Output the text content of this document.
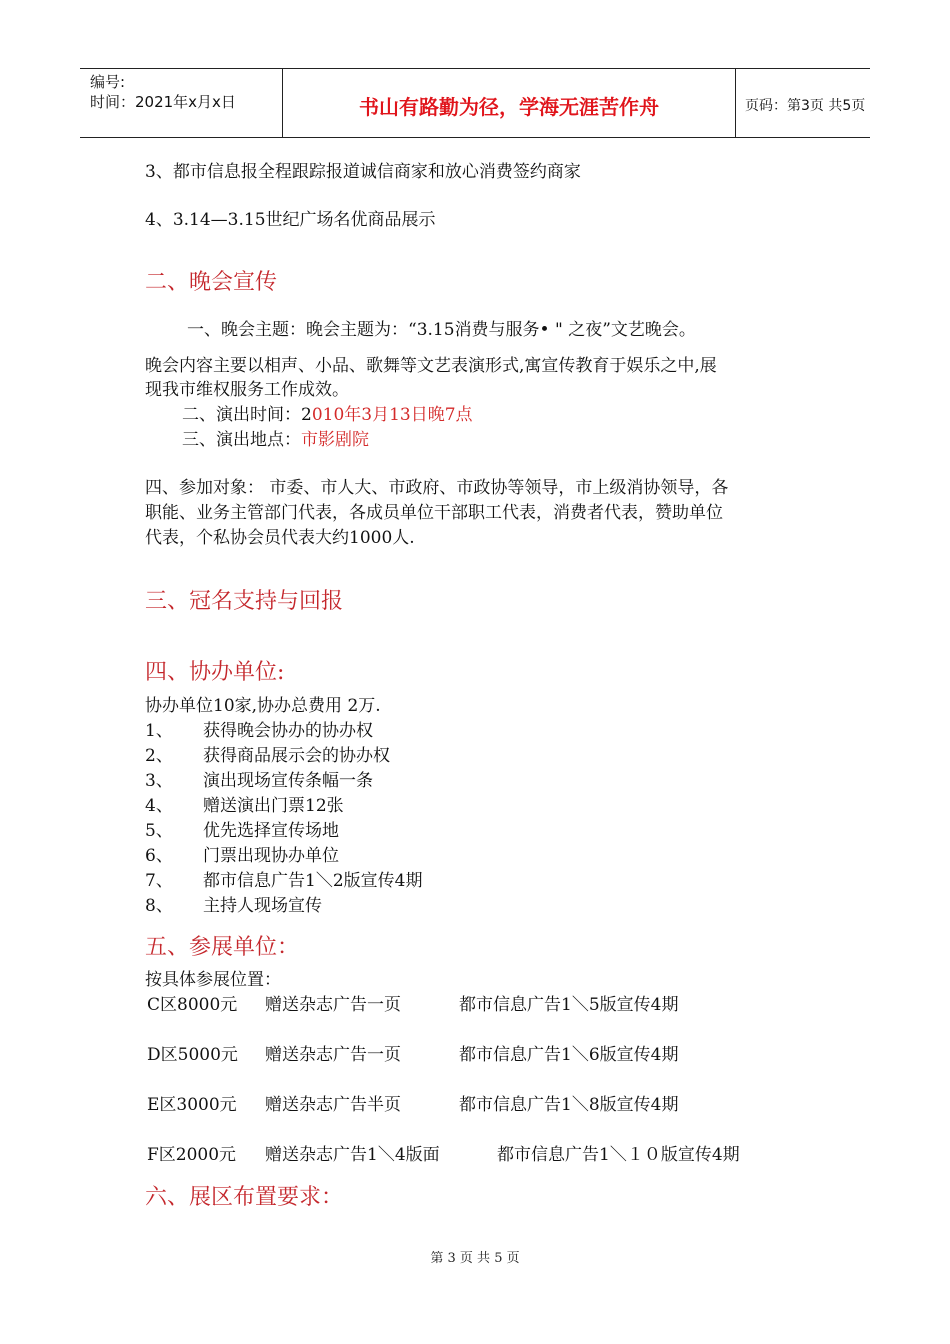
编号:
时间：2021年x月x日	书山有路勤为径，学海无涯苦作舟	页码：第3页 共5页
3、都市信息报全程跟踪报道诚信商家和放心消费签约商家
4、3.14—3.15世纪广场名优商品展示
二、晚会宣传
一、晚会主题：晚会主题为：“3.15消费与服务• " 之夜”文艺晚会。
晚会内容主要以相声、小品、歌舞等文艺表演形式,寓宣传教育于娱乐之中,展
现我市维权服务工作成效。
二、演出时间：2010年3月13日晚7点
三、演出地点：市影剧院
四、参加对象： 市委、市人大、市政府、市政协等领导，市上级消协领导，各
职能、业务主管部门代表，各成员单位干部职工代表，消费者代表，赞助单位
代表，个私协会员代表大约1000人.
三、冠名支持与回报
四、协办单位:
协办单位10家,协办总费用 2万.
1、 获得晚会协办的协办权
2、 获得商品展示会的协办权
3、 演出现场宣传条幅一条
4、 赠送演出门票12张
5、 优先选择宣传场地
6、 门票出现协办单位
7、 都市信息广告1＼2版宣传4期
8、 主持人现场宣传
五、参展单位：
按具体参展位置：
C区8000元 赠送杂志广告一页	都市信息广告1＼5版宣传4期
D区5000元 赠送杂志广告一页	都市信息广告1＼6版宣传4期
E区3000元 赠送杂志广告半页	都市信息广告1＼8版宣传4期
F区2000元 赠送杂志广告1＼4版面	都市信息广告1＼１０版宣传4期
六、展区布置要求：
第 3 页 共 5 页
